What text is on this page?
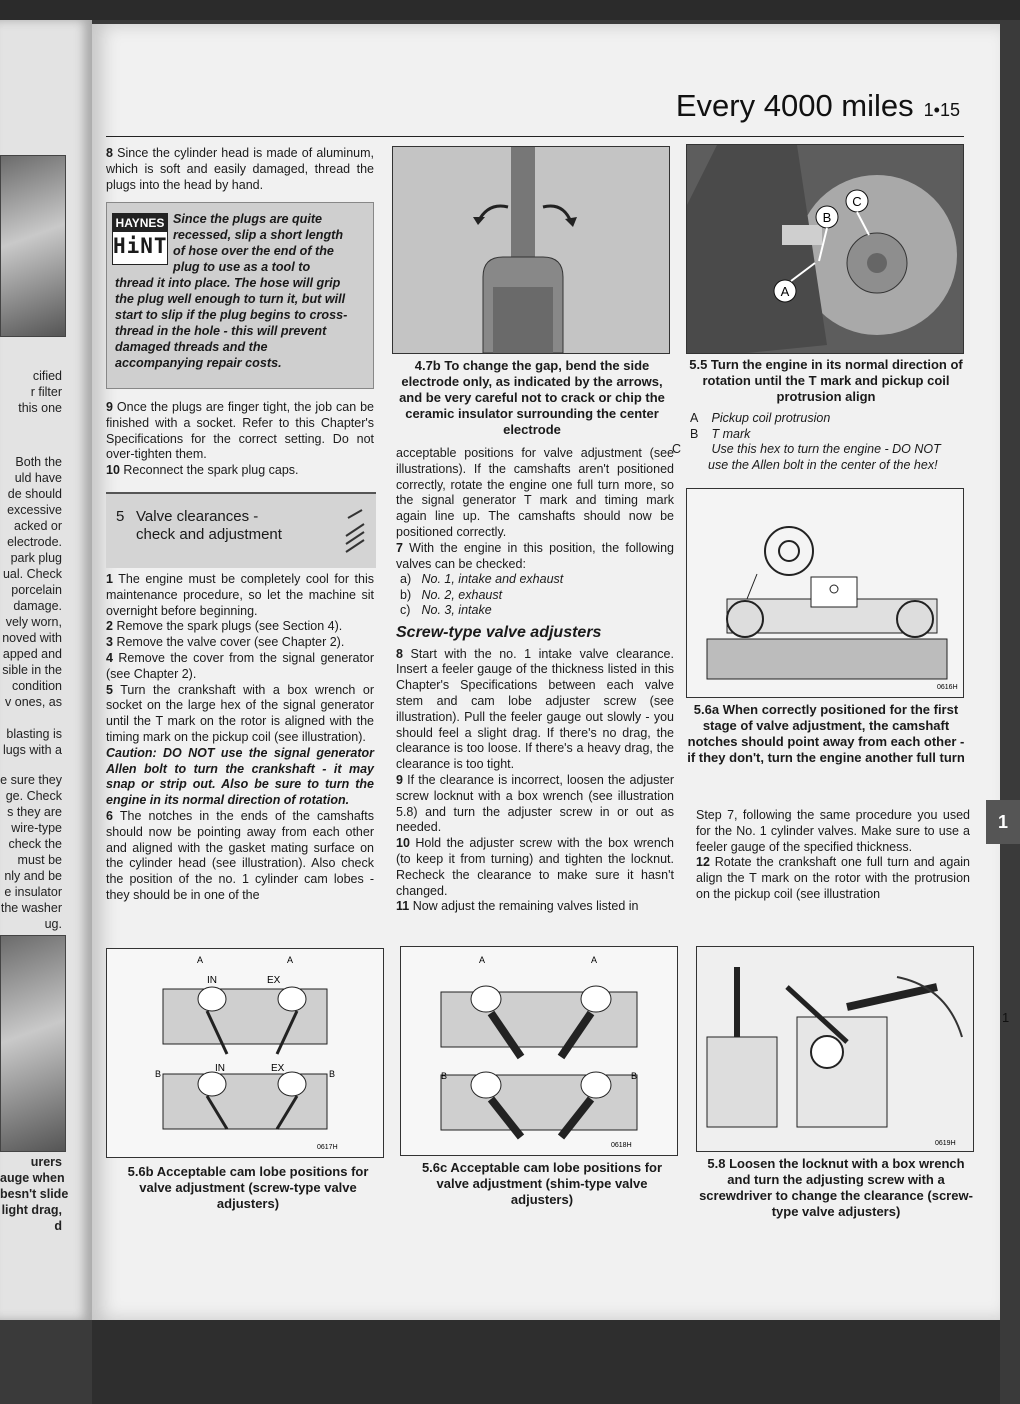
cified
r filter
this one
Both the
uld have
de should
excessive
acked or
electrode.
park plug
ual. Check
porcelain
damage.
vely worn,
noved with
apped and
sible in the
condition
v ones, as
blasting is
lugs with a
e sure they
ge. Check
s they are
wire-type
check the
must be
nly and be
e insulator
the washer
ug.
urers
auge when
besn't slide
light drag,
d
Every 4000 miles 1•15

8 Since the cylinder head is made of aluminum, which is soft and easily damaged, thread the plugs into the head by hand.

HAYNES
HiNT
Since the plugs are quite
recessed, slip a short length
of hose over the end of the
plug to use as a tool to
thread it into place. The hose will grip
the plug well enough to turn it, but will
start to slip if the plug begins to cross-
thread in the hole - this will prevent
damaged threads and the
accompanying repair costs.

9 Once the plugs are finger tight, the job can be finished with a socket. Refer to this Chapter's Specifications for the correct setting. Do not over-tighten them.

10 Reconnect the spark plug caps.

5 Valve clearances -
check and adjustment

1 The engine must be completely cool for this maintenance procedure, so let the machine sit overnight before beginning.

2 Remove the spark plugs (see Section 4).

3 Remove the valve cover (see Chapter 2).

4 Remove the cover from the signal generator (see Chapter 2).

5 Turn the crankshaft with a box wrench or socket on the large hex of the signal generator until the T mark on the rotor is aligned with the timing mark on the pickup coil (see illustration).

Caution: DO NOT use the signal generator Allen bolt to turn the crankshaft - it may snap or strip out. Also be sure to turn the engine in its normal direction of rotation.

6 The notches in the ends of the camshafts should now be pointing away from each other and aligned with the gasket mating surface on the cylinder head (see illustration). Also check the position of the no. 1 cylinder cam lobes - they should be in one of the

4.7b To change the gap, bend the side electrode only, as indicated by the arrows, and be very careful not to crack or chip the ceramic insulator surrounding the center electrode

acceptable positions for valve adjustment (see illustrations). If the camshafts aren't positioned correctly, rotate the engine one full turn more, so the signal generator T mark and timing mark again line up. The camshafts should now be positioned correctly.

7 With the engine in this position, the following valves can be checked:

a) No. 1, intake and exhaust

b) No. 2, exhaust

c) No. 3, intake

Screw-type valve adjusters

8 Start with the no. 1 intake valve clearance. Insert a feeler gauge of the thickness listed in this Chapter's Specifications between each valve stem and cam lobe adjuster screw (see illustration). Pull the feeler gauge out slowly - you should feel a slight drag. If there's no drag, the clearance is too loose. If there's a heavy drag, the clearance is too tight.

9 If the clearance is incorrect, loosen the adjuster screw locknut with a box wrench (see illustration 5.8) and turn the adjuster screw in or out as needed.

10 Hold the adjuster screw with the box wrench (to keep it from turning) and tighten the locknut. Recheck the clearance to make sure it hasn't changed.

11 Now adjust the remaining valves listed in

B
C
A
5.5 Turn the engine in its normal direction of rotation until the T mark and pickup coil protrusion align

A Pickup coil protrusion

B T mark

C Use this hex to turn the engine - DO NOT use the Allen bolt in the center of the hex!

0616H
5.6a When correctly positioned for the first stage of valve adjustment, the camshaft notches should point away from each other - if they don't, turn the engine another full turn

Step 7, following the same procedure you used for the No. 1 cylinder valves. Make sure to use a feeler gauge of the specified thickness.

12 Rotate the crankshaft one full turn and again align the T mark on the rotor with the protrusion on the pickup coil (see illustration

A	A
IN	EX
B	B
IN	EX
0617H
5.6b Acceptable cam lobe positions for valve adjustment (screw-type valve adjusters)
A	A
B	B
0618H
5.6c Acceptable cam lobe positions for valve adjustment (shim-type valve adjusters)
0619H
5.8 Loosen the locknut with a box wrench and turn the adjusting screw with a screwdriver to change the clearance (screw-type valve adjusters)
1
1
